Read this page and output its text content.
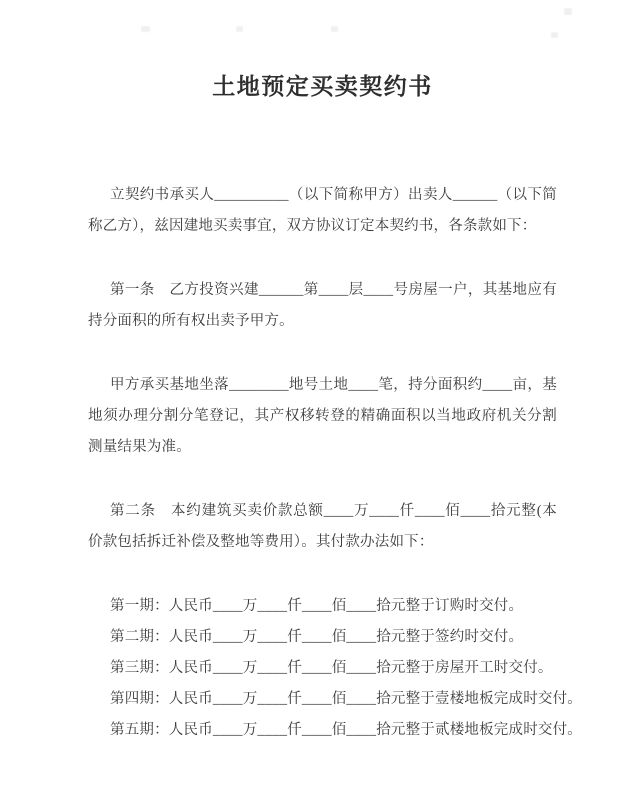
土地预定买卖契约书

立契约书承买人__________（以下简称甲方）出卖人______（以下简称乙方），兹因建地买卖事宜，双方协议订定本契约书，各条款如下：

第一条　乙方投资兴建______第____层____号房屋一户，其基地应有持分面积的所有权出卖予甲方。

甲方承买基地坐落________地号土地____笔，持分面积约____亩，基地须办理分割分笔登记，其产权移转登的精确面积以当地政府机关分割测量结果为准。

第二条　本约建筑买卖价款总额____万____仟____佰____拾元整(本价款包括拆迁补偿及整地等费用）。其付款办法如下：

第一期：人民币____万____仟____佰____拾元整于订购时交付。

第二期：人民币____万____仟____佰____拾元整于签约时交付。

第三期：人民币____万____仟____佰____拾元整于房屋开工时交付。

第四期：人民币____万____仟____佰____拾元整于壹楼地板完成时交付。

第五期：人民币____万____仟____佰____拾元整于贰楼地板完成时交付。
